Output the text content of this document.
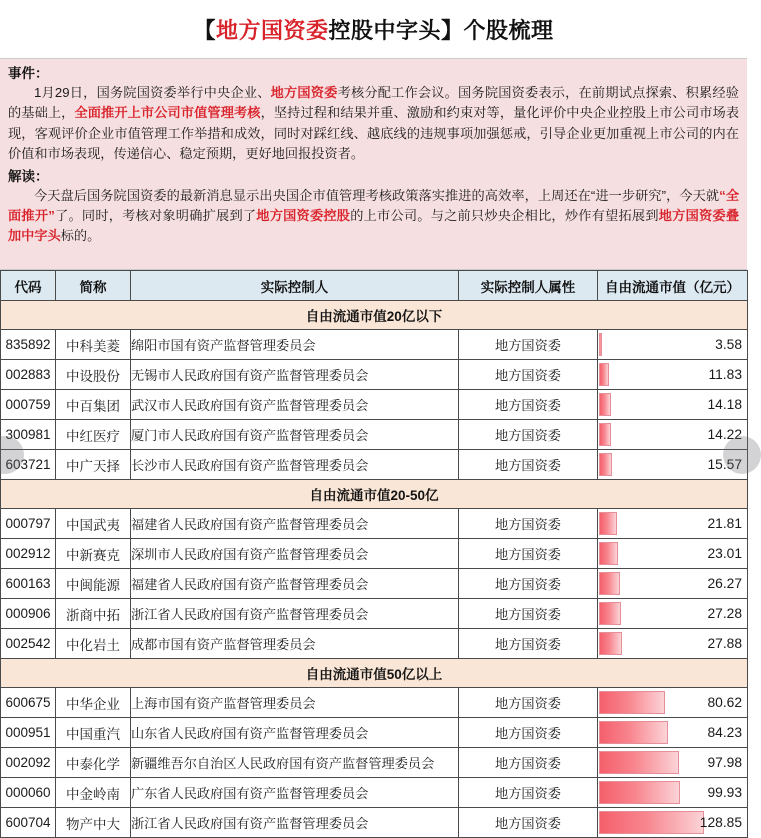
【地方国资委控股中字头】个股梳理
事件：

1月29日，国务院国资委举行中央企业、地方国资委考核分配工作会议。国务院国资委表示，在前期试点探索、积累经验的基础上，全面推开上市公司市值管理考核，坚持过程和结果并重、激励和约束对等，量化评价中央企业控股上市公司市场表现，客观评价企业市值管理工作举措和成效，同时对踩红线、越底线的违规事项加强惩戒，引导企业更加重视上市公司的内在价值和市场表现，传递信心、稳定预期，更好地回报投资者。

解读：

今天盘后国务院国资委的最新消息显示出央国企市值管理考核政策落实推进的高效率，上周还在“进一步研究”，今天就“全面推开”了。同时，考核对象明确扩展到了地方国资委控股的上市公司。与之前只炒央企相比，炒作有望拓展到地方国资委叠加中字头标的。

代码	简称	实际控制人	实际控制人属性	自由流通市值（亿元）
自由流通市值20亿以下				
835892	中科美菱	绵阳市国有资产监督管理委员会	地方国资委	3.58

002883	中设股份	无锡市人民政府国有资产监督管理委员会	地方国资委	11.83

000759	中百集团	武汉市人民政府国有资产监督管理委员会	地方国资委	14.18

300981	中红医疗	厦门市人民政府国有资产监督管理委员会	地方国资委	14.22

603721	中广天择	长沙市人民政府国有资产监督管理委员会	地方国资委	15.57

自由流通市值20-50亿				
000797	中国武夷	福建省人民政府国有资产监督管理委员会	地方国资委	21.81

002912	中新赛克	深圳市人民政府国有资产监督管理委员会	地方国资委	23.01

600163	中闽能源	福建省人民政府国有资产监督管理委员会	地方国资委	26.27

000906	浙商中拓	浙江省人民政府国有资产监督管理委员会	地方国资委	27.28

002542	中化岩土	成都市国有资产监督管理委员会	地方国资委	27.88

自由流通市值50亿以上				
600675	中华企业	上海市国有资产监督管理委员会	地方国资委	80.62

000951	中国重汽	山东省人民政府国有资产监督管理委员会	地方国资委	84.23

002092	中泰化学	新疆维吾尔自治区人民政府国有资产监督管理委员会	地方国资委	97.98

000060	中金岭南	广东省人民政府国有资产监督管理委员会	地方国资委	99.93

600704	物产中大	浙江省人民政府国有资产监督管理委员会	地方国资委	128.85
